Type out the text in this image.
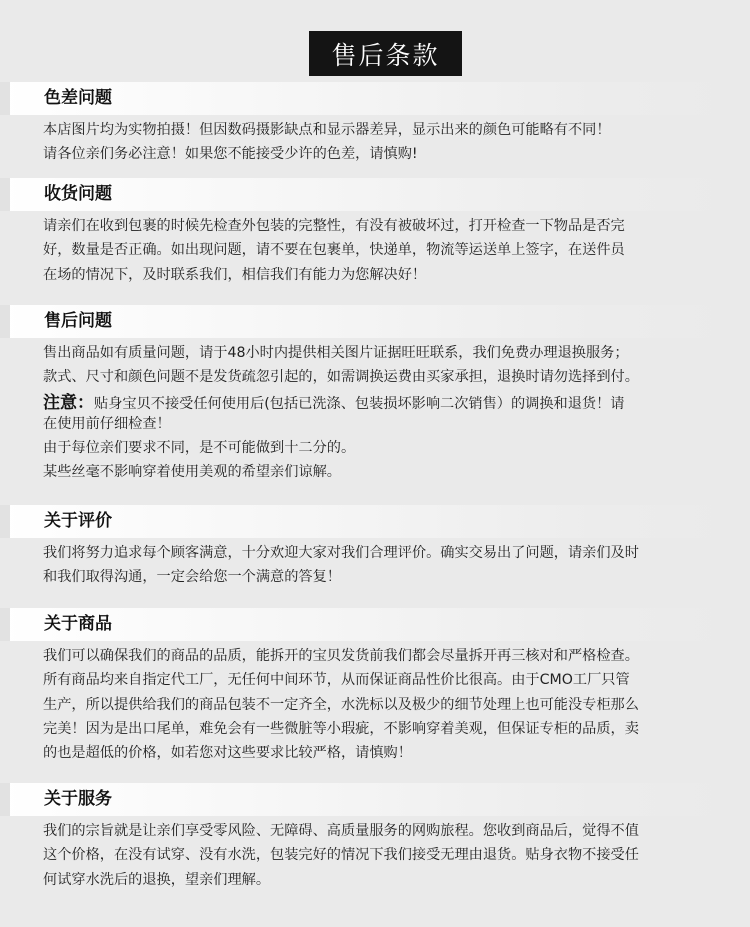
售后条款
色差问题
本店图片均为实物拍摄！但因数码摄影缺点和显示器差异，显示出来的颜色可能略有不同！
请各位亲们务必注意！如果您不能接受少许的色差，请慎购!
收货问题
请亲们在收到包裹的时候先检查外包装的完整性，有没有被破坏过，打开检查一下物品是否完
好，数量是否正确。如出现问题，请不要在包裹单，快递单，物流等运送单上签字，在送件员
在场的情况下，及时联系我们，相信我们有能力为您解决好！
售后问题
售出商品如有质量问题，请于48小时内提供相关图片证据旺旺联系，我们免费办理退换服务；
款式、尺寸和颜色问题不是发货疏忽引起的，如需调换运费由买家承担，退换时请勿选择到付。
注意：贴身宝贝不接受任何使用后(包括已洗涤、包装损坏影响二次销售）的调换和退货！请
在使用前仔细检查！
由于每位亲们要求不同，是不可能做到十二分的。
某些丝毫不影响穿着使用美观的希望亲们谅解。
关于评价
我们将努力追求每个顾客满意，十分欢迎大家对我们合理评价。确实交易出了问题，请亲们及时
和我们取得沟通，一定会给您一个满意的答复！
关于商品
我们可以确保我们的商品的品质，能拆开的宝贝发货前我们都会尽量拆开再三核对和严格检查。
所有商品均来自指定代工厂，无任何中间环节，从而保证商品性价比很高。由于CMO工厂只管
生产，所以提供给我们的商品包装不一定齐全，水洗标以及极少的细节处理上也可能没专柜那么
完美！因为是出口尾单，难免会有一些微脏等小瑕疵，不影响穿着美观，但保证专柜的品质，卖
的也是超低的价格，如若您对这些要求比较严格，请慎购！
关于服务
我们的宗旨就是让亲们享受零风险、无障碍、高质量服务的网购旅程。您收到商品后，觉得不值
这个价格，在没有试穿、没有水洗，包装完好的情况下我们接受无理由退货。贴身衣物不接受任
何试穿水洗后的退换，望亲们理解。
